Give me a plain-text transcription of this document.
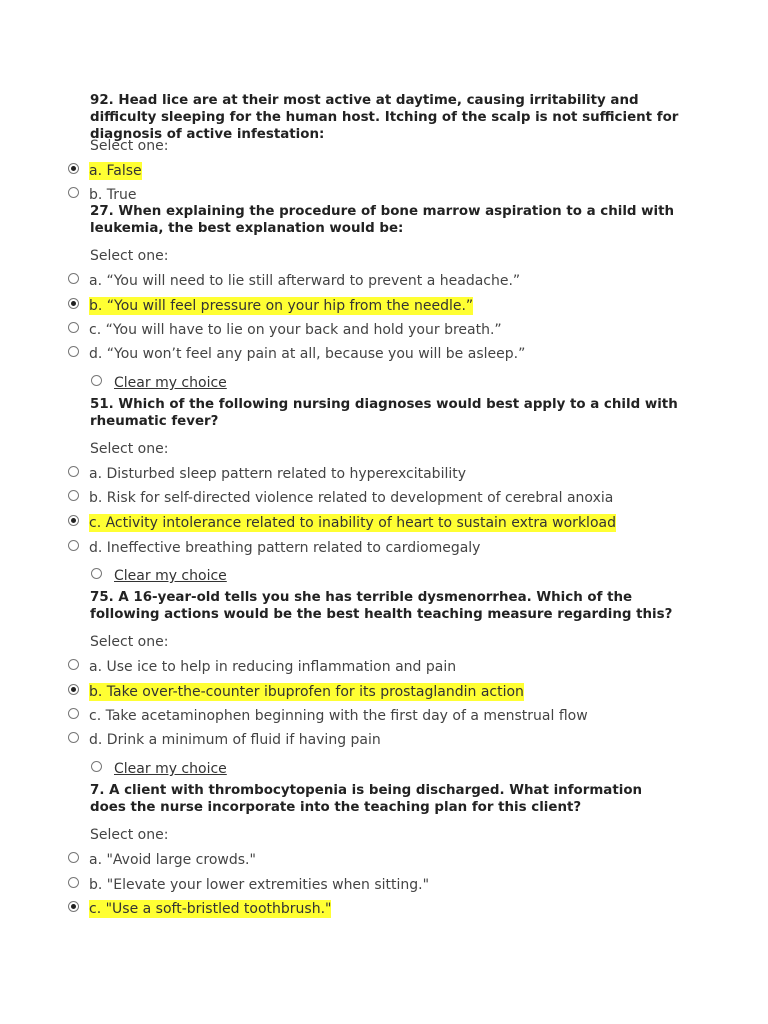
92. Head lice are at their most active at daytime, causing irritability and difficulty sleeping for the human host. Itching of the scalp is not sufficient for diagnosis of active infestation:
Select one:
a. False
b. True
27. When explaining the procedure of bone marrow aspiration to a child with leukemia, the best explanation would be:
Select one:
a. “You will need to lie still afterward to prevent a headache.”
b. “You will feel pressure on your hip from the needle.”
c. “You will have to lie on your back and hold your breath.”
d. “You won’t feel any pain at all, because you will be asleep.”
Clear my choice
51. Which of the following nursing diagnoses would best apply to a child with rheumatic fever?
Select one:
a. Disturbed sleep pattern related to hyperexcitability
b. Risk for self-directed violence related to development of cerebral anoxia
c. Activity intolerance related to inability of heart to sustain extra workload
d. Ineffective breathing pattern related to cardiomegaly
Clear my choice
75. A 16-year-old tells you she has terrible dysmenorrhea. Which of the following actions would be the best health teaching measure regarding this?
Select one:
a. Use ice to help in reducing inflammation and pain
b. Take over-the-counter ibuprofen for its prostaglandin action
c. Take acetaminophen beginning with the first day of a menstrual flow
d. Drink a minimum of fluid if having pain
Clear my choice
7. A client with thrombocytopenia is being discharged. What information does the nurse incorporate into the teaching plan for this client?
Select one:
a. "Avoid large crowds."
b. "Elevate your lower extremities when sitting."
c. "Use a soft-bristled toothbrush."
